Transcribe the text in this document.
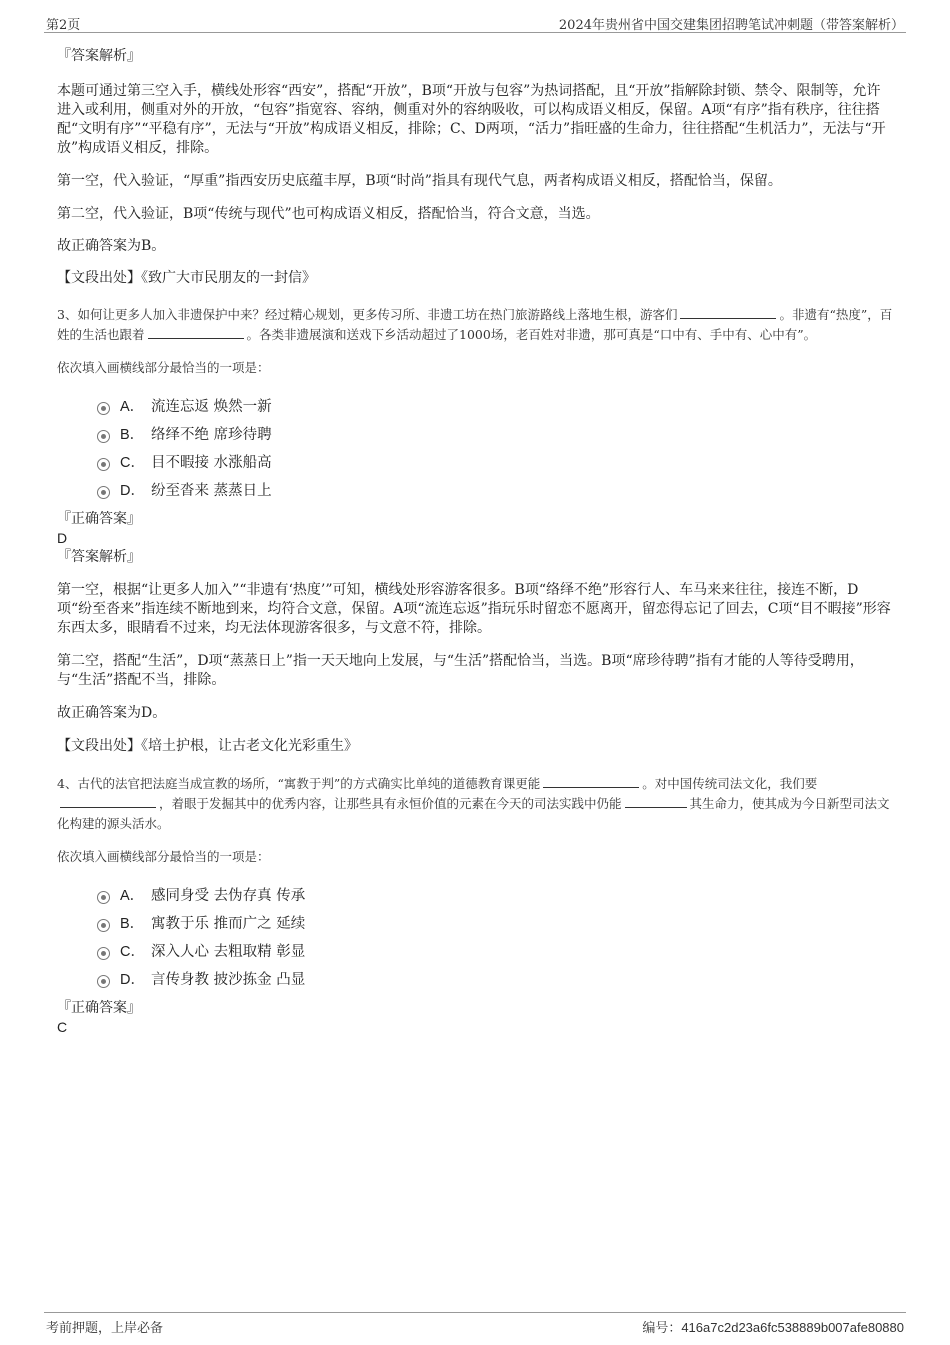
第2页	2024年贵州省中国交建集团招聘笔试冲刺题（带答案解析）

『答案解析』

本题可通过第三空入手，横线处形容“西安”，搭配“开放”，B项“开放与包容”为热词搭配，且“开放”指解除封锁、禁令、限制等，允许进入或利用，侧重对外的开放，“包容”指宽容、容纳，侧重对外的容纳吸收，可以构成语义相反，保留。A项“有序”指有秩序，往往搭配“文明有序”“平稳有序”，无法与“开放”构成语义相反，排除；C、D两项，“活力”指旺盛的生命力，往往搭配“生机活力”，无法与“开放”构成语义相反，排除。

第一空，代入验证，“厚重”指西安历史底蕴丰厚，B项“时尚”指具有现代气息，两者构成语义相反，搭配恰当，保留。

第二空，代入验证，B项“传统与现代”也可构成语义相反，搭配恰当，符合文意，当选。

故正确答案为B。

【文段出处】《致广大市民朋友的一封信》

3、如何让更多人加入非遗保护中来？经过精心规划，更多传习所、非遗工坊在热门旅游路线上落地生根，游客们	。非遗有“热度”，百姓的生活也跟着	。各类非遗展演和送戏下乡活动超过了1000场，老百姓对非遗，那可真是“口中有、手中有、心中有”。

依次填入画横线部分最恰当的一项是：

A． 流连忘返 焕然一新
B． 络绎不绝 席珍待聘
C． 目不暇接 水涨船高
D． 纷至沓来 蒸蒸日上

『正确答案』

D

『答案解析』

第一空，根据“让更多人加入”“非遗有‘热度’”可知，横线处形容游客很多。B项“络绎不绝”形容行人、车马来来往往，接连不断，D项“纷至沓来”指连续不断地到来，均符合文意，保留。A项“流连忘返”指玩乐时留恋不愿离开，留恋得忘记了回去，C项“目不暇接”形容东西太多，眼睛看不过来，均无法体现游客很多，与文意不符，排除。

第二空，搭配“生活”，D项“蒸蒸日上”指一天天地向上发展，与“生活”搭配恰当，当选。B项“席珍待聘”指有才能的人等待受聘用，与“生活”搭配不当，排除。

故正确答案为D。

【文段出处】《培土护根，让古老文化光彩重生》

4、古代的法官把法庭当成宣教的场所，“寓教于判”的方式确实比单纯的道德教育课更能	。对中国传统司法文化，我们要，着眼于发掘其中的优秀内容，让那些具有永恒价值的元素在今天的司法实践中仍能	其生命力，使其成为今日新型司法文化构建的源头活水。

依次填入画横线部分最恰当的一项是：

A． 感同身受 去伪存真 传承
B． 寓教于乐 推而广之 延续
C． 深入人心 去粗取精 彰显
D． 言传身教 披沙拣金 凸显

『正确答案』

C

考前押题，上岸必备	编号：416a7c2d23a6fc538889b007afe80880
